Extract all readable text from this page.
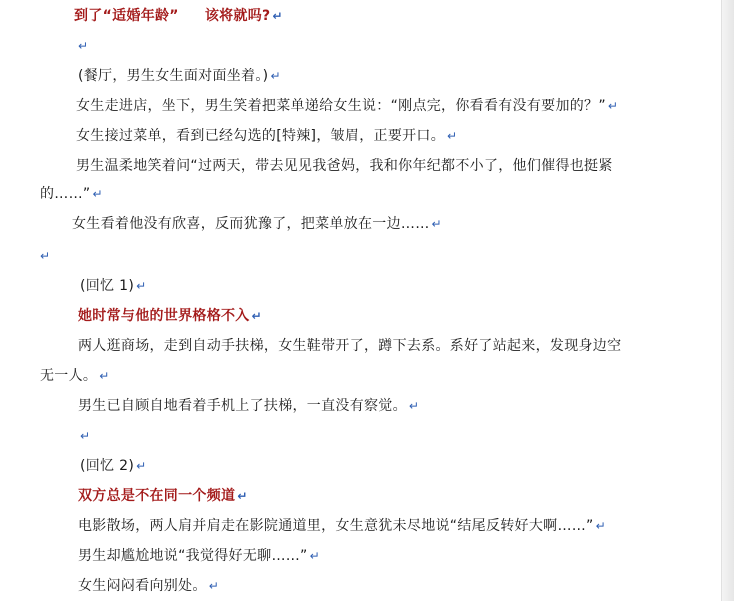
到了“适婚年龄” 该将就吗? ↵
↵
(餐厅，男生女生面对面坐着。) ↵
女生走进店，坐下，男生笑着把菜单递给女生说：“刚点完，你看看有没有要加的？” ↵
女生接过菜单，看到已经勾选的[特辣]，皱眉，正要开口。 ↵
男生温柔地笑着问“过两天，带去见见我爸妈，我和你年纪都不小了，他们催得也挺紧
的……” ↵
女生看着他没有欣喜，反而犹豫了，把菜单放在一边…… ↵
↵
(回忆 1) ↵
她时常与他的世界格格不入 ↵
两人逛商场，走到自动手扶梯，女生鞋带开了，蹲下去系。系好了站起来，发现身边空
无一人。 ↵
男生已自顾自地看着手机上了扶梯，一直没有察觉。 ↵
↵
(回忆 2) ↵
双方总是不在同一个频道 ↵
电影散场，两人肩并肩走在影院通道里，女生意犹未尽地说“结尾反转好大啊……” ↵
男生却尴尬地说“我觉得好无聊……” ↵
女生闷闷看向别处。 ↵
